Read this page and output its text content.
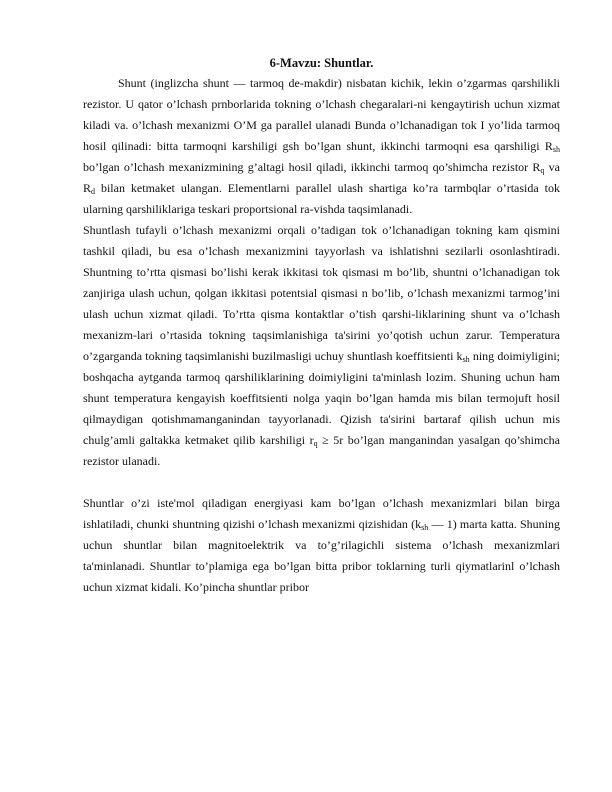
6-Mavzu: Shuntlar.

Shunt (inglizcha shunt — tarmoq de-makdir) nisbatan kichik, lekin o’zgarmas qarshilikli rezistor. U qator o’lchash prnborlarida tokning o’lchash chegaralari-ni kengaytirish uchun xizmat kiladi va. o’lchash mexanizmi O’M ga parallel ulanadi Bunda o’lchanadigan tok I yo’lida tarmoq hosil qilinadi: bitta tarmoqni karshiligi gsh bo’lgan shunt, ikkinchi tarmoqni esa qarshiligi $R_{sh}$ bo’lgan o’lchash mexanizmining g’altagi hosil qiladi, ikkinchi tarmoq qo’shimcha rezistor $R_q$ va $R_d$ bilan ketmaket ulangan. Elementlarni parallel ulash shartiga ko’ra tarmbqlar o’rtasida tok ularning qarshiliklariga teskari proportsional ra-vishda taqsimlanadi.

Shuntlash tufayli o’lchash mexanizmi orqali o’tadigan tok o’lchanadigan tokning kam qismini tashkil qiladi, bu esa o’lchash mexanizmini tayyorlash va ishlatishni sezilarli osonlashtiradi. Shuntning to’rtta qismasi bo’lishi kerak ikkitasi tok qismasi m bo’lib, shuntni o’lchanadigan tok zanjiriga ulash uchun, qolgan ikkitasi potentsial qismasi n bo’lib, o’lchash mexanizmi tarmog’ini ulash uchun xizmat qiladi. To’rtta qisma kontaktlar o’tish qarshi-liklarining shunt va o’lchash mexanizm-lari o’rtasida tokning taqsimlanishiga ta'sirini yo’qotish uchun zarur. Temperatura o’zgarganda tokning taqsimlanishi buzilmasligi uchuy shuntlash koeffitsienti $k_{sh}$ ning doimiyligini; boshqacha aytganda tarmoq qarshiliklarining doimiyligini ta'minlash lozim. Shuning uchun ham shunt temperatura kengayish koeffitsienti nolga yaqin bo’lgan hamda mis bilan termojuft hosil qilmaydigan qotishmamanganindan tayyorlanadi. Qizish ta'sirini bartaraf qilish uchun mis chulg’amli galtakka ketmaket qilib karshiligi $r_q \ge 5r$ bo’lgan manganindan yasalgan qo’shimcha rezistor ulanadi.

Shuntlar o’zi iste'mol qiladigan energiyasi kam bo’lgan o’lchash mexanizmlari bilan birga ishlatiladi, chunki shuntning qizishi o’lchash mexanizmi qizishidan ($k_{sh}$ — 1) marta katta. Shuning uchun shuntlar bilan magnitoelektrik va to’g’rilagichli sistema o’lchash mexanizmlari ta'minlanadi. Shuntlar to’plamiga ega bo’lgan bitta pribor toklarning turli qiymatlarinl o’lchash uchun xizmat kidali. Ko’pincha shuntlar pribor
